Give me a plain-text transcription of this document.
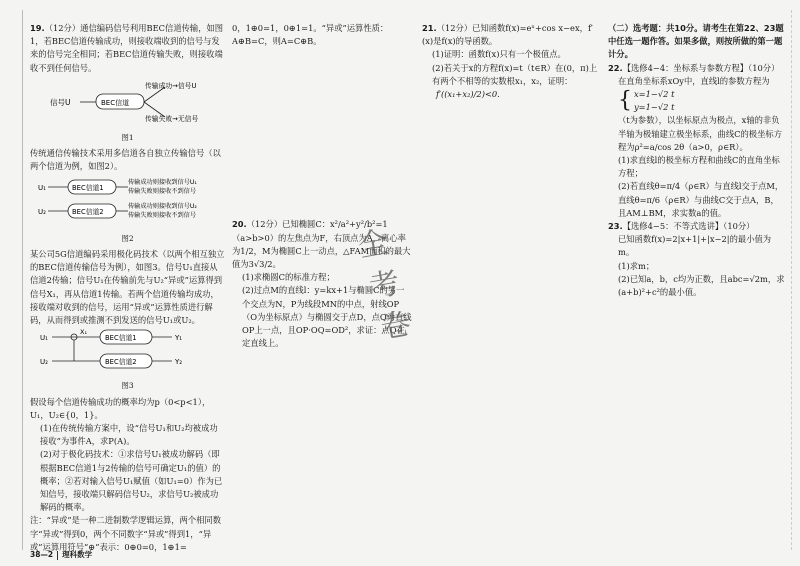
19.（12分）通信编码信号利用BEC信道传输，如图1，若BEC信道传输成功，则接收端收到的信号与发来的信号完全相同；若BEC信道传输失败，则接收端收不到任何信号。

信号U	BEC信道
传输成功→信号U
传输失败→无信号
图1

传统通信传输技术采用多信道各自独立传输信号（以两个信道为例，如图2）。

U₁	BEC信道1
传输成功则接收到信号U₁
传输失败则接收不到信号
U₂	BEC信道2
传输成功则接收到信号U₂
传输失败则接收不到信号
图2

某公司5G信道编码采用极化码技术（以两个相互独立的BEC信道传输信号为例），如图3。信号U₁直接从信道2传输；信号U₁在传输前先与U₂“异或”运算得到信号X₁，再从信道1传输。若两个信道传输均成功，接收端对收到的信号，运用“异或”运算性质进行解码，从而得到或推测不到发送的信号U₁或U₂。

U₁
X₁
BEC信道1	Y₁
U₂	BEC信道2	Y₂
图3

假设每个信道传输成功的概率均为p（0<p<1），U₁，U₂∈{0，1}。

(1)在传统传输方案中，设“信号U₁和U₂均被成功接收”为事件A，求P(A)。

(2)对于极化码技术：①求信号U₁被成功解码（即根据BEC信道1与2传输的信号可确定U₁的值）的概率；②若对输入信号U₁赋值（如U₁=0）作为已知信号，接收端只解码信号U₂，求信号U₂被成功解码的概率。

注：“异或”是一种二进制数学逻辑运算，两个相同数字“异或”得到0，两个不同数字“异或”得到1，“异或”运算用符号“⊕”表示：0⊕0=0，1⊕1=

0，1⊕0=1，0⊕1=1。“异或”运算性质：A⊕B=C，则A=C⊕B。

20.（12分）已知椭圆C：x²/a²+y²/b²=1（a>b>0）的左焦点为F，右顶点为A，离心率为1/2，M为椭圆C上一动点，△FAM面积的最大值为3√3/2。

(1)求椭圆C的标准方程；

(2)过点M的直线l：y=kx+1与椭圆C的另一个交点为N，P为线段MN的中点，射线OP（O为坐标原点）与椭圆交于点D，点Q为直线OP上一点，且OP·OQ=OD²，求证：点Q在定直线上。

全
考
卷

21.（12分）已知函数f(x)=eˣ+cos x−ex，f′(x)是f(x)的导函数。

(1)证明：函数f(x)只有一个极值点。

(2)若关于x的方程f(x)=t（t∈R）在(0，π)上有两个不相等的实数根x₁，x₂，证明：

f′((x₁+x₂)/2)<0.

（二）选考题：共10分。请考生在第22、23题中任选一题作答。如果多做，则按所做的第一题计分。

22.【选修4−4：坐标系与参数方程】（10分）

在直角坐标系xOy中，直线l的参数方程为

{ x=1−√2 t
y=1−√2 t

（t为参数），以坐标原点为极点，x轴的非负半轴为极轴建立极坐标系，曲线C的极坐标方程为ρ²=a/cos 2θ（a>0，ρ∈R）。

(1)求直线l的极坐标方程和曲线C的直角坐标方程；

(2)若直线θ=π/4（ρ∈R）与直线l交于点M，直线θ=π/6（ρ∈R）与曲线C交于点A，B，且AM⊥BM，求实数a的值。

23.【选修4−5：不等式选讲】（10分）

已知函数f(x)=2|x+1|+|x−2|的最小值为m。

(1)求m；

(2)已知a，b，c均为正数，且abc=√2m，求(a+b)²+c²的最小值。

38—2 理科数学
